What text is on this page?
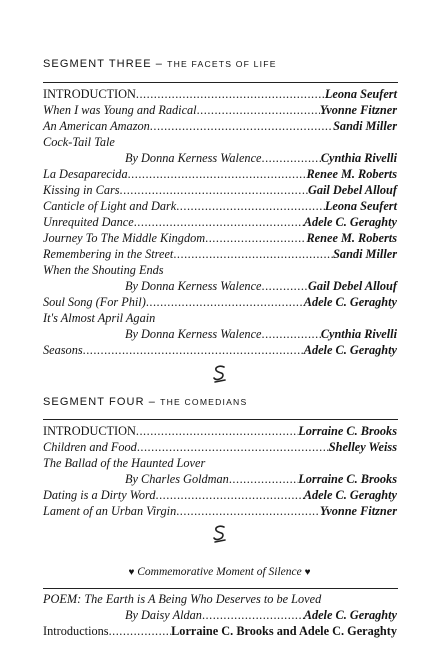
SEGMENT THREE – THE FACETS OF LIFE
INTRODUCTION .....	Leona Seufert
When I was Young and Radical .....	Yvonne Fitzner
An American Amazon .....	Sandi Miller
Cock-Tail Tale
By Donna Kerness Walence .....	Cynthia Rivelli
La Desaparecida .....	Renee M. Roberts
Kissing in Cars .....	Gail Debel Allouf
Canticle of Light and Dark .....	Leona Seufert
Unrequited Dance .....	Adele C. Geraghty
Journey To The Middle Kingdom .....	Renee M. Roberts
Remembering in the Street .....	Sandi Miller
When the Shouting Ends
By Donna Kerness Walence .....	Gail Debel Allouf
Soul Song (For Phil) .....	Adele C. Geraghty
It's Almost April Again
By Donna Kerness Walence .....	Cynthia Rivelli
Seasons .....	Adele C. Geraghty
SEGMENT FOUR – THE COMEDIANS
INTRODUCTION .....	Lorraine C. Brooks
Children and Food .....	Shelley Weiss
The Ballad of the Haunted Lover
By Charles Goldman .....	Lorraine C. Brooks
Dating is a Dirty Word .....	Adele C. Geraghty
Lament of an Urban Virgin .....	Yvonne Fitzner
♥ Commemorative Moment of Silence ♥
POEM: The Earth is A Being Who Deserves to be Loved
By Daisy Aldan .....	Adele C. Geraghty
Introductions .....	Lorraine C. Brooks and Adele C. Geraghty
